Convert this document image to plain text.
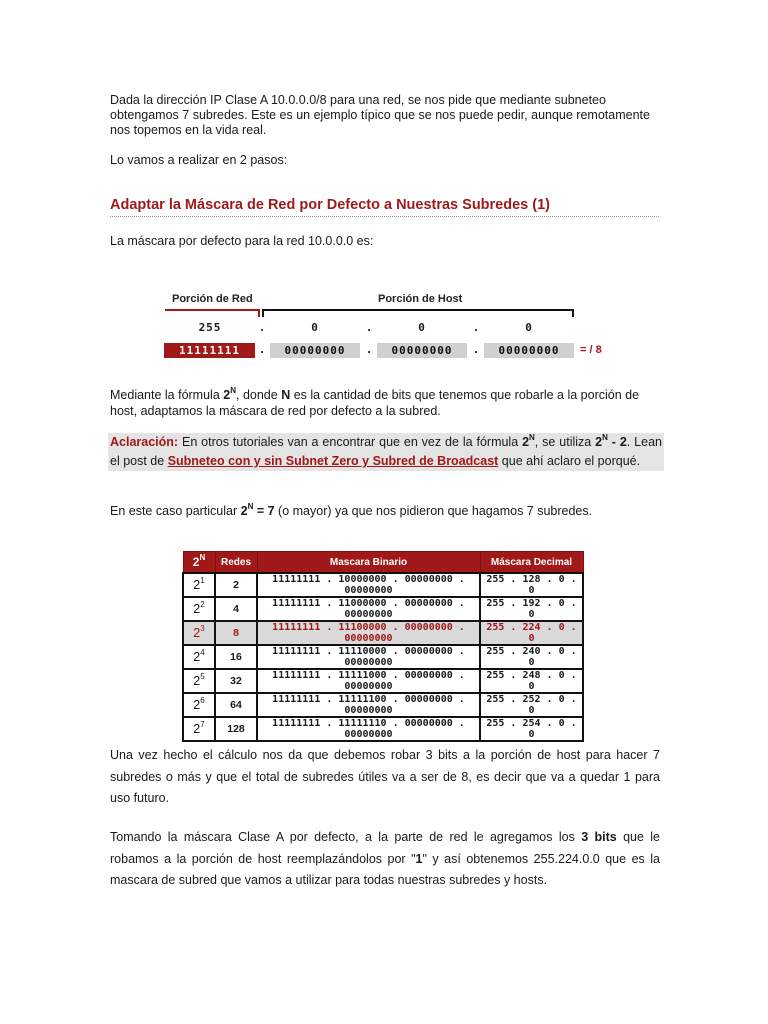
Dada la dirección IP Clase A 10.0.0.0/8 para una red, se nos pide que mediante subneteo obtengamos 7 subredes. Este es un ejemplo típico que se nos puede pedir, aunque remotamente nos topemos en la vida real.
Lo vamos a realizar en 2 pasos:
Adaptar la Máscara de Red por Defecto a Nuestras Subredes (1)
La máscara por defecto para la red 10.0.0.0 es:
Porción de Red	Porción de Host
255	.	0	.	0	.	0
11111111	.	00000000	.	00000000	.	00000000	= / 8
Mediante la fórmula $2^N$, donde N es la cantidad de bits que tenemos que robarle a la porción de host, adaptamos la máscara de red por defecto a la subred.
Aclaración: En otros tutoriales van a encontrar que en vez de la fórmula $2^N$, se utiliza $2^N - 2$. Lean el post de Subneteo con y sin Subnet Zero y Subred de Broadcast que ahí aclaro el porqué.
En este caso particular $2^N = 7$ (o mayor) ya que nos pidieron que hagamos 7 subredes.
$2^N$	Redes	Mascara Binario	Máscara Decimal
$2^1$	2	11111111 . 10000000 . 00000000 . 00000000	255 . 128 . 0 . 0
$2^2$	4	11111111 . 11000000 . 00000000 . 00000000	255 . 192 . 0 . 0
$2^3$	8	11111111 . 11100000 . 00000000 . 00000000	255 . 224 . 0 . 0
$2^4$	16	11111111 . 11110000 . 00000000 . 00000000	255 . 240 . 0 . 0
$2^5$	32	11111111 . 11111000 . 00000000 . 00000000	255 . 248 . 0 . 0
$2^6$	64	11111111 . 11111100 . 00000000 . 00000000	255 . 252 . 0 . 0
$2^7$	128	11111111 . 11111110 . 00000000 . 00000000	255 . 254 . 0 . 0
Una vez hecho el cálculo nos da que debemos robar 3 bits a la porción de host para hacer 7 subredes o más y que el total de subredes útiles va a ser de 8, es decir que va a quedar 1 para uso futuro.
Tomando la máscara Clase A por defecto, a la parte de red le agregamos los 3 bits que le robamos a la porción de host reemplazándolos por "1" y así obtenemos 255.224.0.0 que es la mascara de subred que vamos a utilizar para todas nuestras subredes y hosts.
